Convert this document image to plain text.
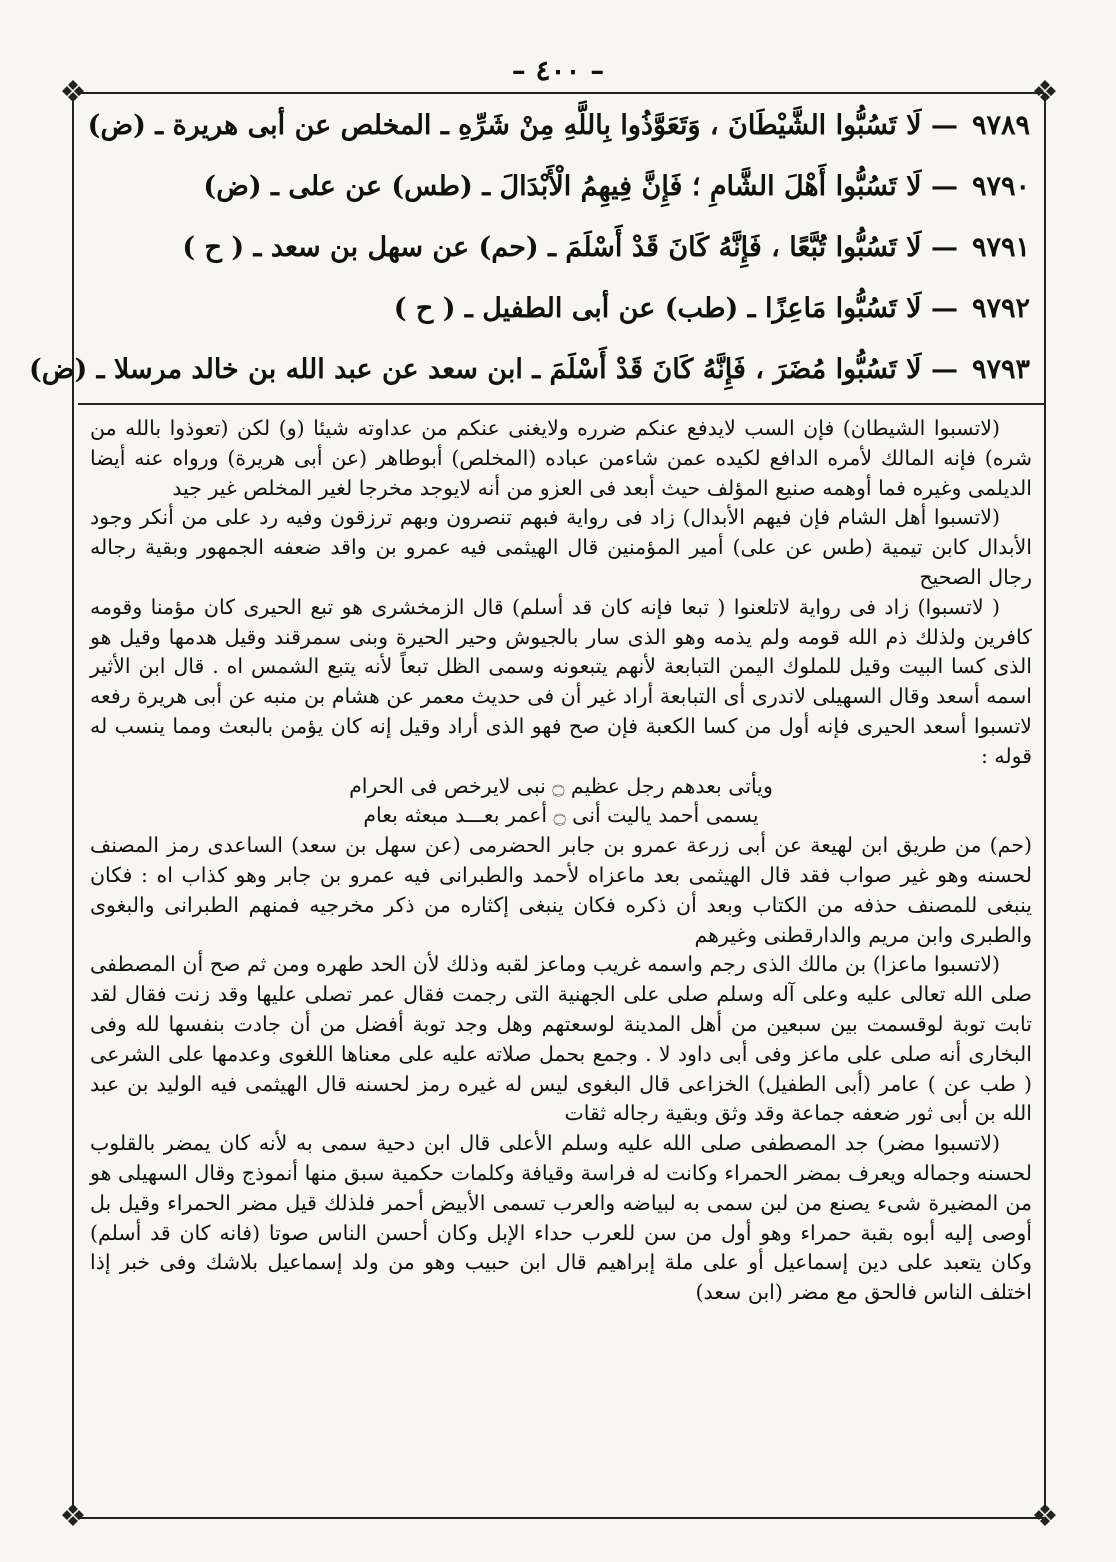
❖	❖
❖	❖
– ٤٠٠ –
٩٧٨٩
— لَا تَسُبُّوا الشَّيْطَانَ ، وَتَعَوَّذُوا بِاللَّهِ مِنْ شَرِّهِ ـ المخلص عن أبى هريرة ـ (ض)
٩٧٩٠
— لَا تَسُبُّوا أَهْلَ الشَّامِ ؛ فَإِنَّ فِيهِمُ الْأَبْدَالَ ـ (طس) عن على ـ (ض)
٩٧٩١
— لَا تَسُبُّوا تُبَّعًا ، فَإِنَّهُ كَانَ قَدْ أَسْلَمَ ـ (حم) عن سهل بن سعد ـ ( ح )
٩٧٩٢
— لَا تَسُبُّوا مَاعِزًا ـ (طب) عن أبى الطفيل ـ ( ح )
٩٧٩٣
— لَا تَسُبُّوا مُضَرَ ، فَإِنَّهُ كَانَ قَدْ أَسْلَمَ ـ ابن سعد عن عبد الله بن خالد مرسلا ـ (ض)

(لاتسبوا الشيطان) فإن السب لايدفع عنكم ضرره ولايغنى عنكم من عداوته شيئا (و) لكن (تعوذوا بالله من شره) فإنه المالك لأمره الدافع لكيده عمن شاءمن عباده (المخلص) أبوطاهر (عن أبى هريرة) ورواه عنه أيضا الديلمى وغيره فما أوهمه صنيع المؤلف حيث أبعد فى العزو من أنه لايوجد مخرجا لغير المخلص غير جيد

(لاتسبوا أهل الشام فإن فيهم الأبدال) زاد فى رواية فبهم تنصرون وبهم ترزقون وفيه رد على من أنكر وجود الأبدال كابن تيمية (طس عن على) أمير المؤمنين قال الهيثمى فيه عمرو بن واقد ضعفه الجمهور وبقية رجاله رجال الصحيح

( لاتسبوا) زاد فى رواية لاتلعنوا ( تبعا فإنه كان قد أسلم) قال الزمخشرى هو تبع الحيرى كان مؤمنا وقومه كافرين ولذلك ذم الله قومه ولم يذمه وهو الذى سار بالجيوش وحير الحيرة وبنى سمرقند وقيل هدمها وقيل هو الذى كسا البيت وقيل للملوك اليمن التبابعة لأنهم يتبعونه وسمى الظل تبعاً لأنه يتبع الشمس اه . قال ابن الأثير اسمه أسعد وقال السهيلى لاندرى أى التبابعة أراد غير أن فى حديث معمر عن هشام بن منبه عن أبى هريرة رفعه لاتسبوا أسعد الحيرى فإنه أول من كسا الكعبة فإن صح فهو الذى أراد وقيل إنه كان يؤمن بالبعث ومما ينسب له قوله :

ويأتى بعدهم رجل عظيم ۝ نبى لايرخص فى الحرام

يسمى أحمد ياليت أنى ۝ أعمر بعـــد مبعثه بعام

(حم) من طريق ابن لهيعة عن أبى زرعة عمرو بن جابر الحضرمى (عن سهل بن سعد) الساعدى رمز المصنف لحسنه وهو غير صواب فقد قال الهيثمى بعد ماعزاه لأحمد والطبرانى فيه عمرو بن جابر وهو كذاب اه : فكان ينبغى للمصنف حذفه من الكتاب وبعد أن ذكره فكان ينبغى إكثاره من ذكر مخرجيه فمنهم الطبرانى والبغوى والطبرى وابن مريم والدارقطنى وغيرهم

(لاتسبوا ماعزا) بن مالك الذى رجم واسمه غريب وماعز لقبه وذلك لأن الحد طهره ومن ثم صح أن المصطفى صلى الله تعالى عليه وعلى آله وسلم صلى على الجهنية التى رجمت فقال عمر تصلى عليها وقد زنت فقال لقد تابت توبة لوقسمت بين سبعين من أهل المدينة لوسعتهم وهل وجد توبة أفضل من أن جادت بنفسها لله وفى البخارى أنه صلى على ماعز وفى أبى داود لا . وجمع بحمل صلاته عليه على معناها اللغوى وعدمها على الشرعى ( طب عن ) عامر (أبى الطفيل) الخزاعى قال البغوى ليس له غيره رمز لحسنه قال الهيثمى فيه الوليد بن عبد الله بن أبى ثور ضعفه جماعة وقد وثق وبقية رجاله ثقات

(لاتسبوا مضر) جد المصطفى صلى الله عليه وسلم الأعلى قال ابن دحية سمى به لأنه كان يمضر بالقلوب لحسنه وجماله ويعرف بمضر الحمراء وكانت له فراسة وقيافة وكلمات حكمية سبق منها أنموذج وقال السهيلى هو من المضيرة شىء يصنع من لبن سمى به لبياضه والعرب تسمى الأبيض أحمر فلذلك قيل مضر الحمراء وقيل بل أوصى إليه أبوه بقبة حمراء وهو أول من سن للعرب حداء الإبل وكان أحسن الناس صوتا (فانه كان قد أسلم) وكان يتعبد على دين إسماعيل أو على ملة إبراهيم قال ابن حبيب وهو من ولد إسماعيل بلاشك وفى خبر إذا اختلف الناس فالحق مع مضر (ابن سعد)
